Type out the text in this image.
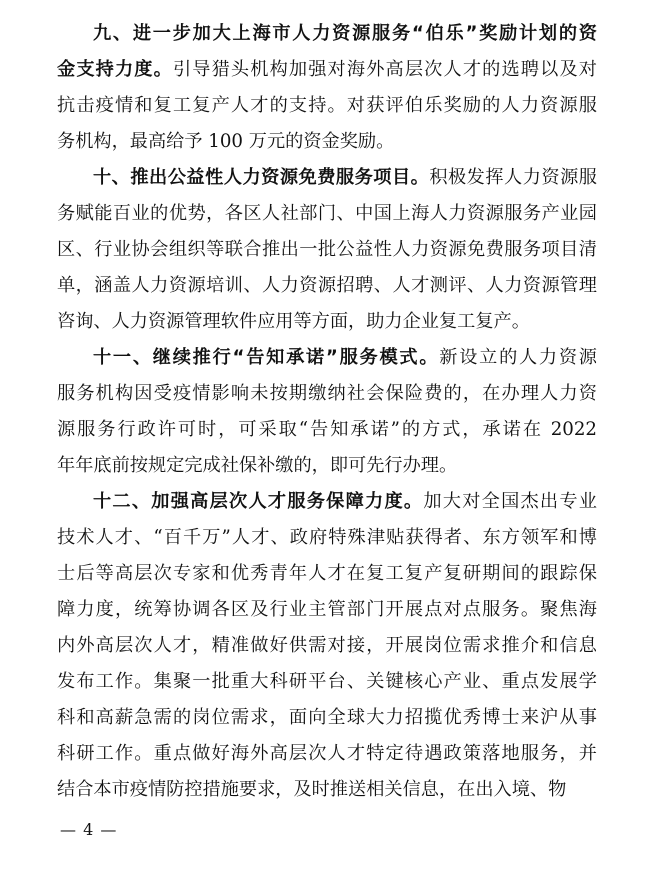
九、进一步加大上海市人力资源服务“伯乐”奖励计划的资
金支持力度。引导猎头机构加强对海外高层次人才的选聘以及对
抗击疫情和复工复产人才的支持。对获评伯乐奖励的人力资源服
务机构，最高给予 100 万元的资金奖励。
十、推出公益性人力资源免费服务项目。积极发挥人力资源服
务赋能百业的优势，各区人社部门、中国上海人力资源服务产业园
区、行业协会组织等联合推出一批公益性人力资源免费服务项目清
单，涵盖人力资源培训、人力资源招聘、人才测评、人力资源管理
咨询、人力资源管理软件应用等方面，助力企业复工复产。
十一、继续推行“告知承诺”服务模式。新设立的人力资源
服务机构因受疫情影响未按期缴纳社会保险费的，在办理人力资
源服务行政许可时，可采取“告知承诺”的方式，承诺在 2022
年年底前按规定完成社保补缴的，即可先行办理。
十二、加强高层次人才服务保障力度。加大对全国杰出专业
技术人才、“百千万”人才、政府特殊津贴获得者、东方领军和博
士后等高层次专家和优秀青年人才在复工复产复研期间的跟踪保
障力度，统筹协调各区及行业主管部门开展点对点服务。聚焦海
内外高层次人才，精准做好供需对接，开展岗位需求推介和信息
发布工作。集聚一批重大科研平台、关键核心产业、重点发展学
科和高薪急需的岗位需求，面向全球大力招揽优秀博士来沪从事
科研工作。重点做好海外高层次人才特定待遇政策落地服务，并
结合本市疫情防控措施要求，及时推送相关信息，在出入境、物
— 4 —
